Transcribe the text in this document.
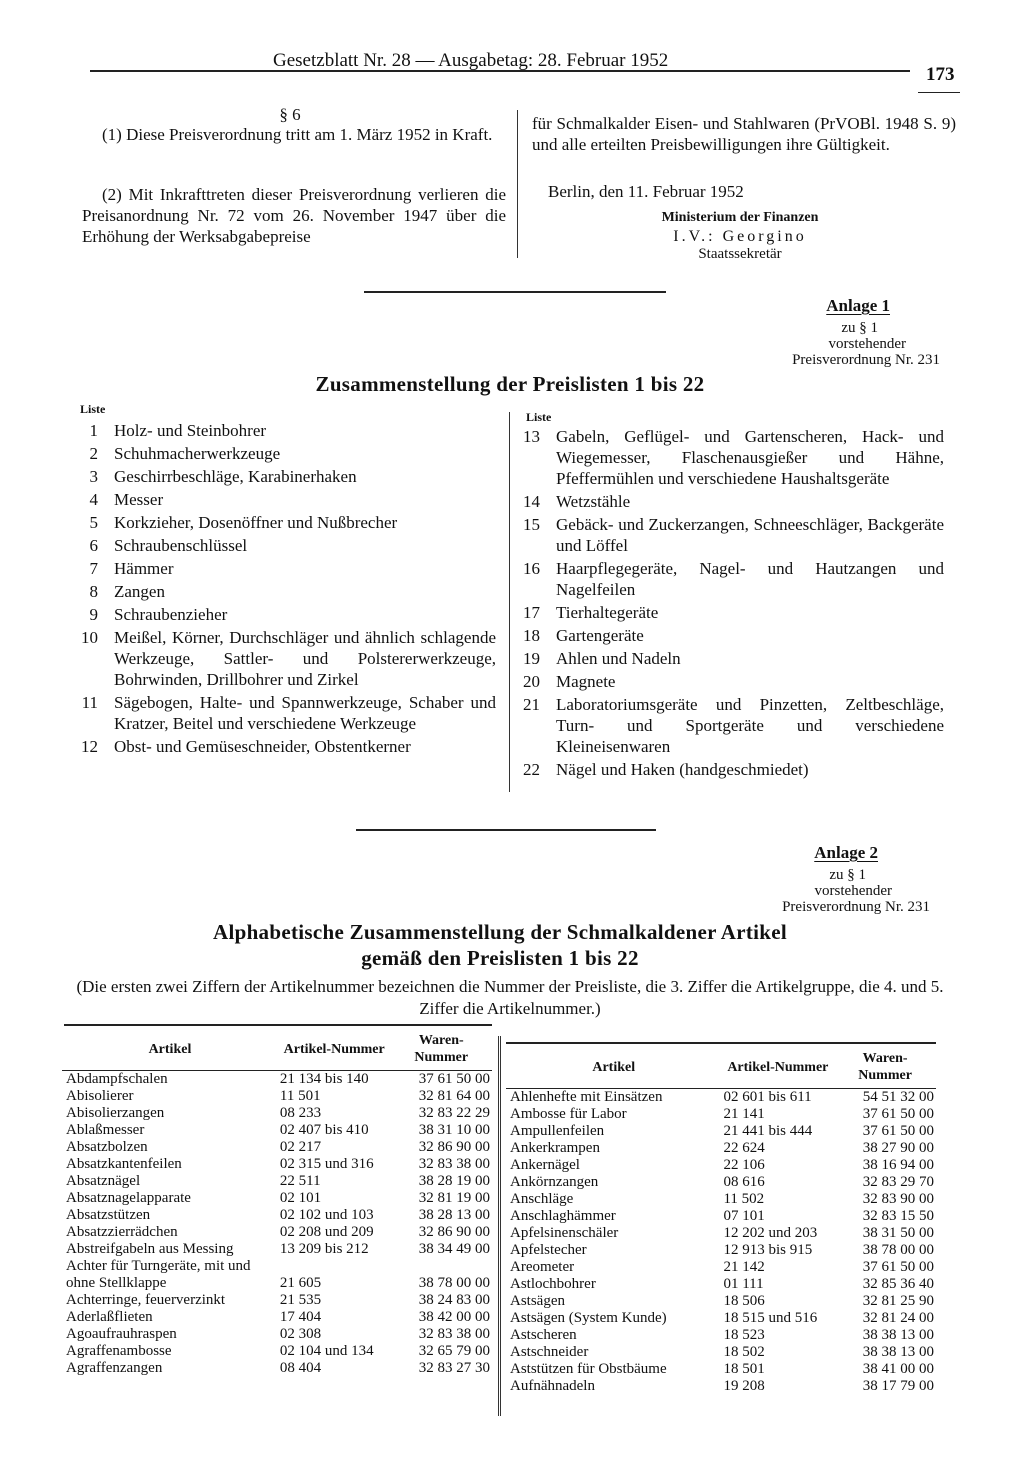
Gesetzblatt Nr. 28 — Ausgabetag: 28. Februar 1952
173
§ 6
(1) Diese Preisverordnung tritt am 1. März 1952 in Kraft.
(2) Mit Inkrafttreten dieser Preisverordnung verlieren die Preisanordnung Nr. 72 vom 26. November 1947 über die Erhöhung der Werksabgabepreise
für Schmalkalder Eisen- und Stahlwaren (PrVOBl. 1948 S. 9) und alle erteilten Preisbewilligungen ihre Gültigkeit.
Berlin, den 11. Februar 1952
Ministerium der Finanzen
I.V.: Georgino
Staatssekretär
Anlage 1
zu § 1
vorstehender
Preisverordnung Nr. 231
Zusammenstellung der Preislisten 1 bis 22
Liste
Liste
1 Holz- und Steinbohrer
2 Schuhmacherwerkzeuge
3 Geschirrbeschläge, Karabinerhaken
4 Messer
5 Korkzieher, Dosenöffner und Nußbrecher
6 Schraubenschlüssel
7 Hämmer
8 Zangen
9 Schraubenzieher
10 Meißel, Körner, Durchschläger und ähnlich schlagende Werkzeuge, Sattler- und Polstererwerkzeuge, Bohrwinden, Drillbohrer und Zirkel
11 Sägebogen, Halte- und Spannwerkzeuge, Schaber und Kratzer, Beitel und verschiedene Werkzeuge
12 Obst- und Gemüseschneider, Obstentkerner
13 Gabeln, Geflügel- und Gartenscheren, Hack- und Wiegemesser, Flaschenausgießer und Hähne, Pfeffermühlen und verschiedene Haushaltsgeräte
14 Wetzstähle
15 Gebäck- und Zuckerzangen, Schneeschläger, Backgeräte und Löffel
16 Haarpflegegeräte, Nagel- und Hautzangen und Nagelfeilen
17 Tierhaltegeräte
18 Gartengeräte
19 Ahlen und Nadeln
20 Magnete
21 Laboratoriumsgeräte und Pinzetten, Zeltbeschläge, Turn- und Sportgeräte und verschiedene Kleineisenwaren
22 Nägel und Haken (handgeschmiedet)
Anlage 2
zu § 1
vorstehender
Preisverordnung Nr. 231
Alphabetische Zusammenstellung der Schmalkaldener Artikel
gemäß den Preislisten 1 bis 22
(Die ersten zwei Ziffern der Artikelnummer bezeichnen die Nummer der Preisliste, die 3. Ziffer die Artikelgruppe, die 4. und 5. Ziffer die Artikelnummer.)
Artikel	Artikel-Nummer	Waren-Nummer
Abdampfschalen	21 134 bis 140	37 61 50 00
Abisolierer	11 501	32 81 64 00
Abisolierzangen	08 233	32 83 22 29
Ablaßmesser	02 407 bis 410	38 31 10 00
Absatzbolzen	02 217	32 86 90 00
Absatzkantenfeilen	02 315 und 316	32 83 38 00
Absatznägel	22 511	38 28 19 00
Absatznagelapparate	02 101	32 81 19 00
Absatzstützen	02 102 und 103	38 28 13 00
Absatzzierrädchen	02 208 und 209	32 86 90 00
Abstreifgabeln aus Messing	13 209 bis 212	38 34 49 00
Achter für Turngeräte, mit und ohne Stellklappe	21 605	38 78 00 00
Achterringe, feuerverzinkt	21 535	38 24 83 00
Aderlaßflieten	17 404	38 42 00 00
Agoaufrauhraspen	02 308	32 83 38 00
Agraffenambosse	02 104 und 134	32 65 79 00
Agraffenzangen	08 404	32 83 27 30
Artikel	Artikel-Nummer	Waren-Nummer
Ahlenhefte mit Einsätzen	02 601 bis 611	54 51 32 00
Ambosse für Labor	21 141	37 61 50 00
Ampullenfeilen	21 441 bis 444	37 61 50 00
Ankerkrampen	22 624	38 27 90 00
Ankernägel	22 106	38 16 94 00
Ankörnzangen	08 616	32 83 29 70
Anschläge	11 502	32 83 90 00
Anschlaghämmer	07 101	32 83 15 50
Apfelsinenschäler	12 202 und 203	38 31 50 00
Apfelstecher	12 913 bis 915	38 78 00 00
Areometer	21 142	37 61 50 00
Astlochbohrer	01 111	32 85 36 40
Astsägen	18 506	32 81 25 90
Astsägen (System Kunde)	18 515 und 516	32 81 24 00
Astscheren	18 523	38 38 13 00
Astschneider	18 502	38 38 13 00
Aststützen für Obstbäume	18 501	38 41 00 00
Aufnähnadeln	19 208	38 17 79 00
